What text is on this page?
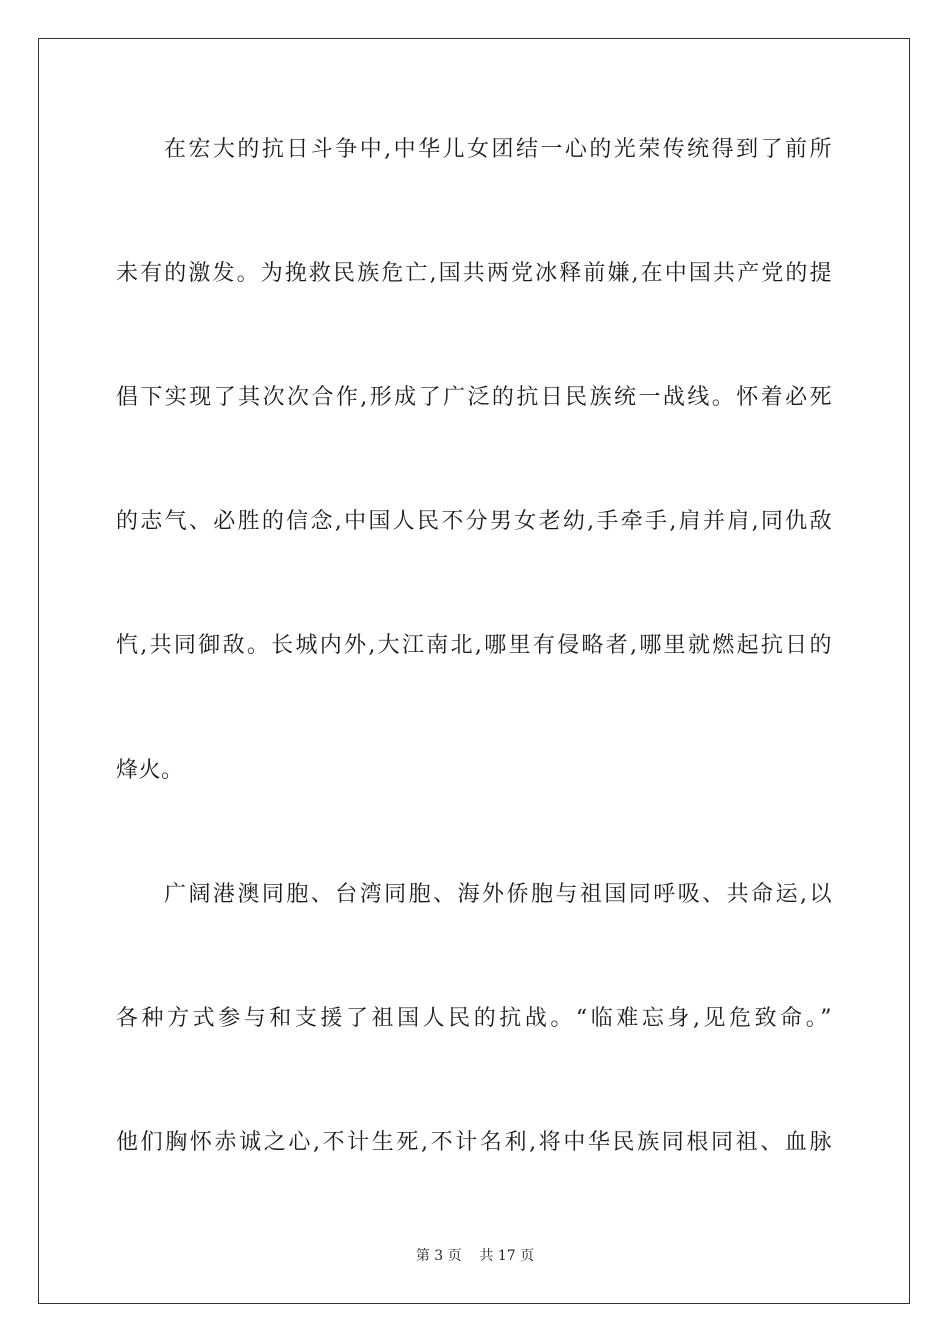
在宏大的抗日斗争中,中华儿女团结一心的光荣传统得到了前所
未有的激发。为挽救民族危亡,国共两党冰释前嫌,在中国共产党的提
倡下实现了其次次合作,形成了广泛的抗日民族统一战线。怀着必死
的志气、必胜的信念,中国人民不分男女老幼,手牵手,肩并肩,同仇敌
忾,共同御敌。长城内外,大江南北,哪里有侵略者,哪里就燃起抗日的
烽火。
广阔港澳同胞、台湾同胞、海外侨胞与祖国同呼吸、共命运,以
各种方式参与和支援了祖国人民的抗战。“临难忘身,见危致命。”
他们胸怀赤诚之心,不计生死,不计名利,将中华民族同根同祖、血脉
第 3 页    共 17 页
